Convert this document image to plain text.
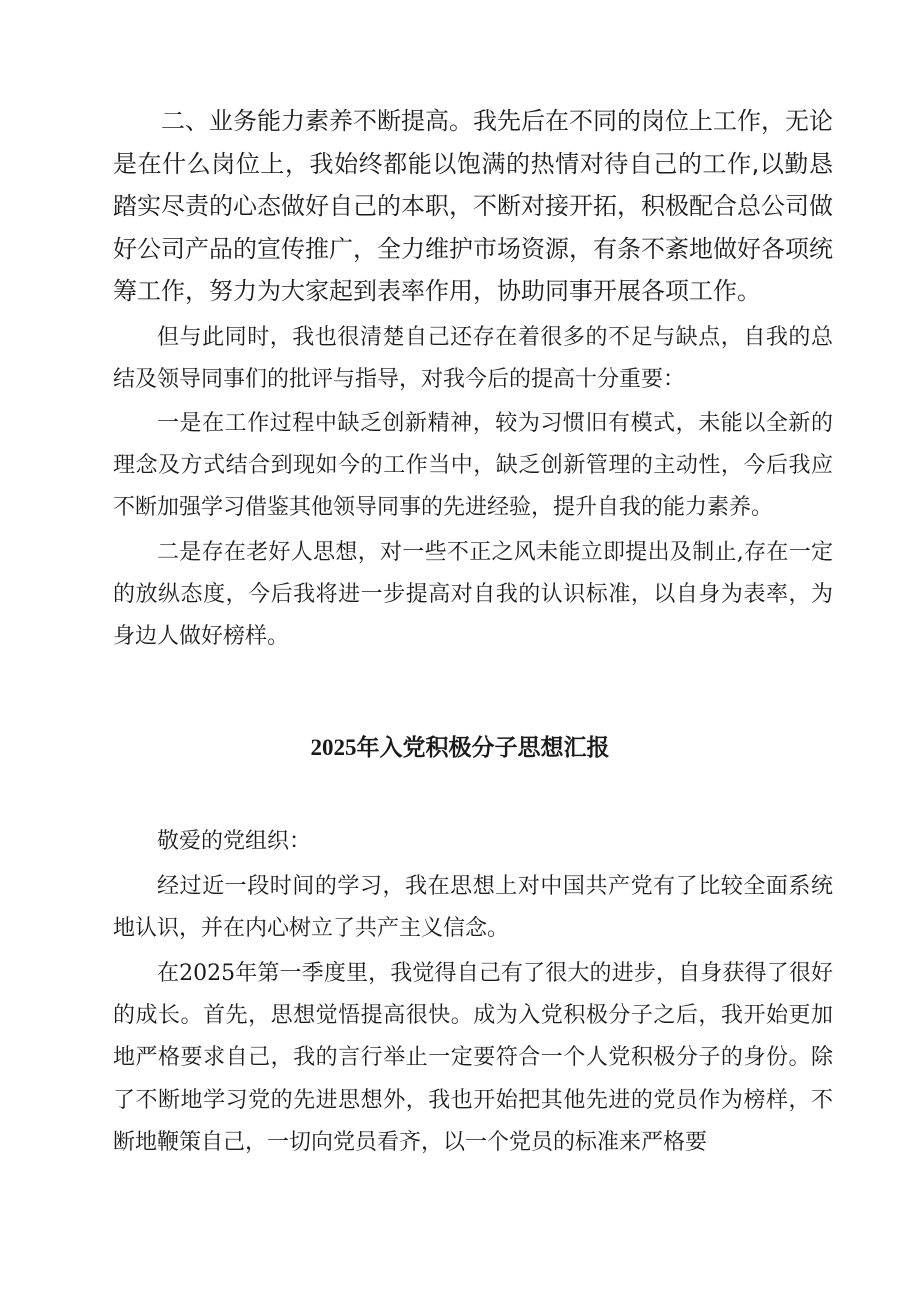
二、业务能力素养不断提高。我先后在不同的岗位上工作，无论是在什么岗位上，我始终都能以饱满的热情对待自己的工作,以勤恳踏实尽责的心态做好自己的本职，不断对接开拓，积极配合总公司做好公司产品的宣传推广，全力维护市场资源，有条不紊地做好各项统筹工作，努力为大家起到表率作用，协助同事开展各项工作。

但与此同时，我也很清楚自己还存在着很多的不足与缺点，自我的总结及领导同事们的批评与指导，对我今后的提高十分重要：

一是在工作过程中缺乏创新精神，较为习惯旧有模式，未能以全新的理念及方式结合到现如今的工作当中，缺乏创新管理的主动性，今后我应不断加强学习借鉴其他领导同事的先进经验，提升自我的能力素养。

二是存在老好人思想，对一些不正之风未能立即提出及制止,存在一定的放纵态度，今后我将进一步提高对自我的认识标准，以自身为表率，为身边人做好榜样。

2025年入党积极分子思想汇报

敬爱的党组织：

经过近一段时间的学习，我在思想上对中国共产党有了比较全面系统地认识，并在内心树立了共产主义信念。

在2025年第一季度里，我觉得自己有了很大的进步，自身获得了很好的成长。首先，思想觉悟提高很快。成为入党积极分子之后，我开始更加地严格要求自己，我的言行举止一定要符合一个人党积极分子的身份。除了不断地学习党的先进思想外，我也开始把其他先进的党员作为榜样，不断地鞭策自己，一切向党员看齐，以一个党员的标准来严格要
